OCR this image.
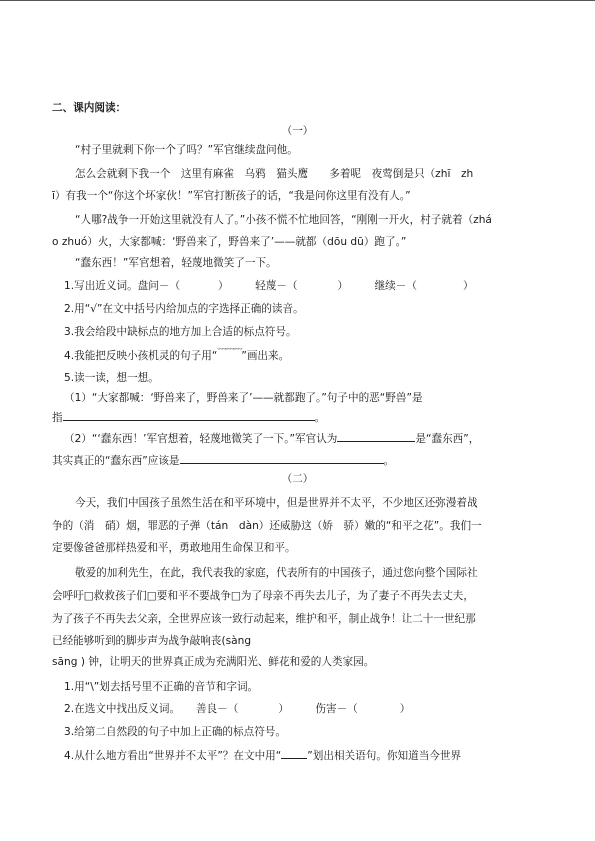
二、课内阅读：
（一）
“村子里就剩下你一个了吗？”军官继续盘问他。
怎么会就剩下我一个　这里有麻雀　乌鸦　猫头鹰　　多着呢　夜莺倒是只（zhī　zh
ī）有我一个“你这个坏家伙！”军官打断孩子的话，“我是问你这里有没有人。”
“人哪?战争一开始这里就没有人了。”小孩不慌不忙地回答，“刚刚一开火，村子就着（zhá
o zhuó）火，大家都喊：‘野兽来了，野兽来了’——就都（dōu dū）跑了。”
“蠢东西！”军官想着，轻蔑地微笑了一下。
1.写出近义词。盘问－（	）　　　轻蔑－（	）　　　继续－（	）
2.用“√”在文中括号内给加点的字选择正确的读音。
3.我会给段中缺标点的地方加上合适的标点符号。
4.我能把反映小孩机灵的句子用“﹋﹋﹋”画出来。
5.读一读，想一想。
（1）“大家都喊：‘野兽来了，野兽来了’——就都跑了。”句子中的恶“野兽”是
指	。
（2）“‘蠢东西！’军官想着，轻蔑地微笑了一下。”军官认为	是“蠢东西”，
其实真正的“蠢东西”应该是	。
（二）
今天，我们中国孩子虽然生活在和平环境中，但是世界并不太平，不少地区还弥漫着战
争的（消　硝）烟，罪恶的子弹（tán　dàn）还威胁这（娇　骄）嫩的“和平之花”。我们一
定要像爸爸那样热爱和平，勇敢地用生命保卫和平。
敬爱的加利先生，在此，我代表我的家庭，代表所有的中国孩子，通过您向整个国际社
会呼吁□救救孩子们□要和平不要战争□为了母亲不再失去儿子，为了妻子不再失去丈夫，
为了孩子不再失去父亲，全世界应该一致行动起来，维护和平，制止战争！让二十一世纪那
已经能够听到的脚步声为战争敲响丧(sàng
sāng ) 钟，让明天的世界真正成为充满阳光、鲜花和爱的人类家园。
1.用“\”划去括号里不正确的音节和字词。
2.在选文中找出反义词。　　善良－（	）　　　伤害－（	）
3.给第二自然段的句子中加上正确的标点符号。
4.从什么地方看出“世界并不太平”？在文中用“ ”划出相关语句。你知道当今世界
